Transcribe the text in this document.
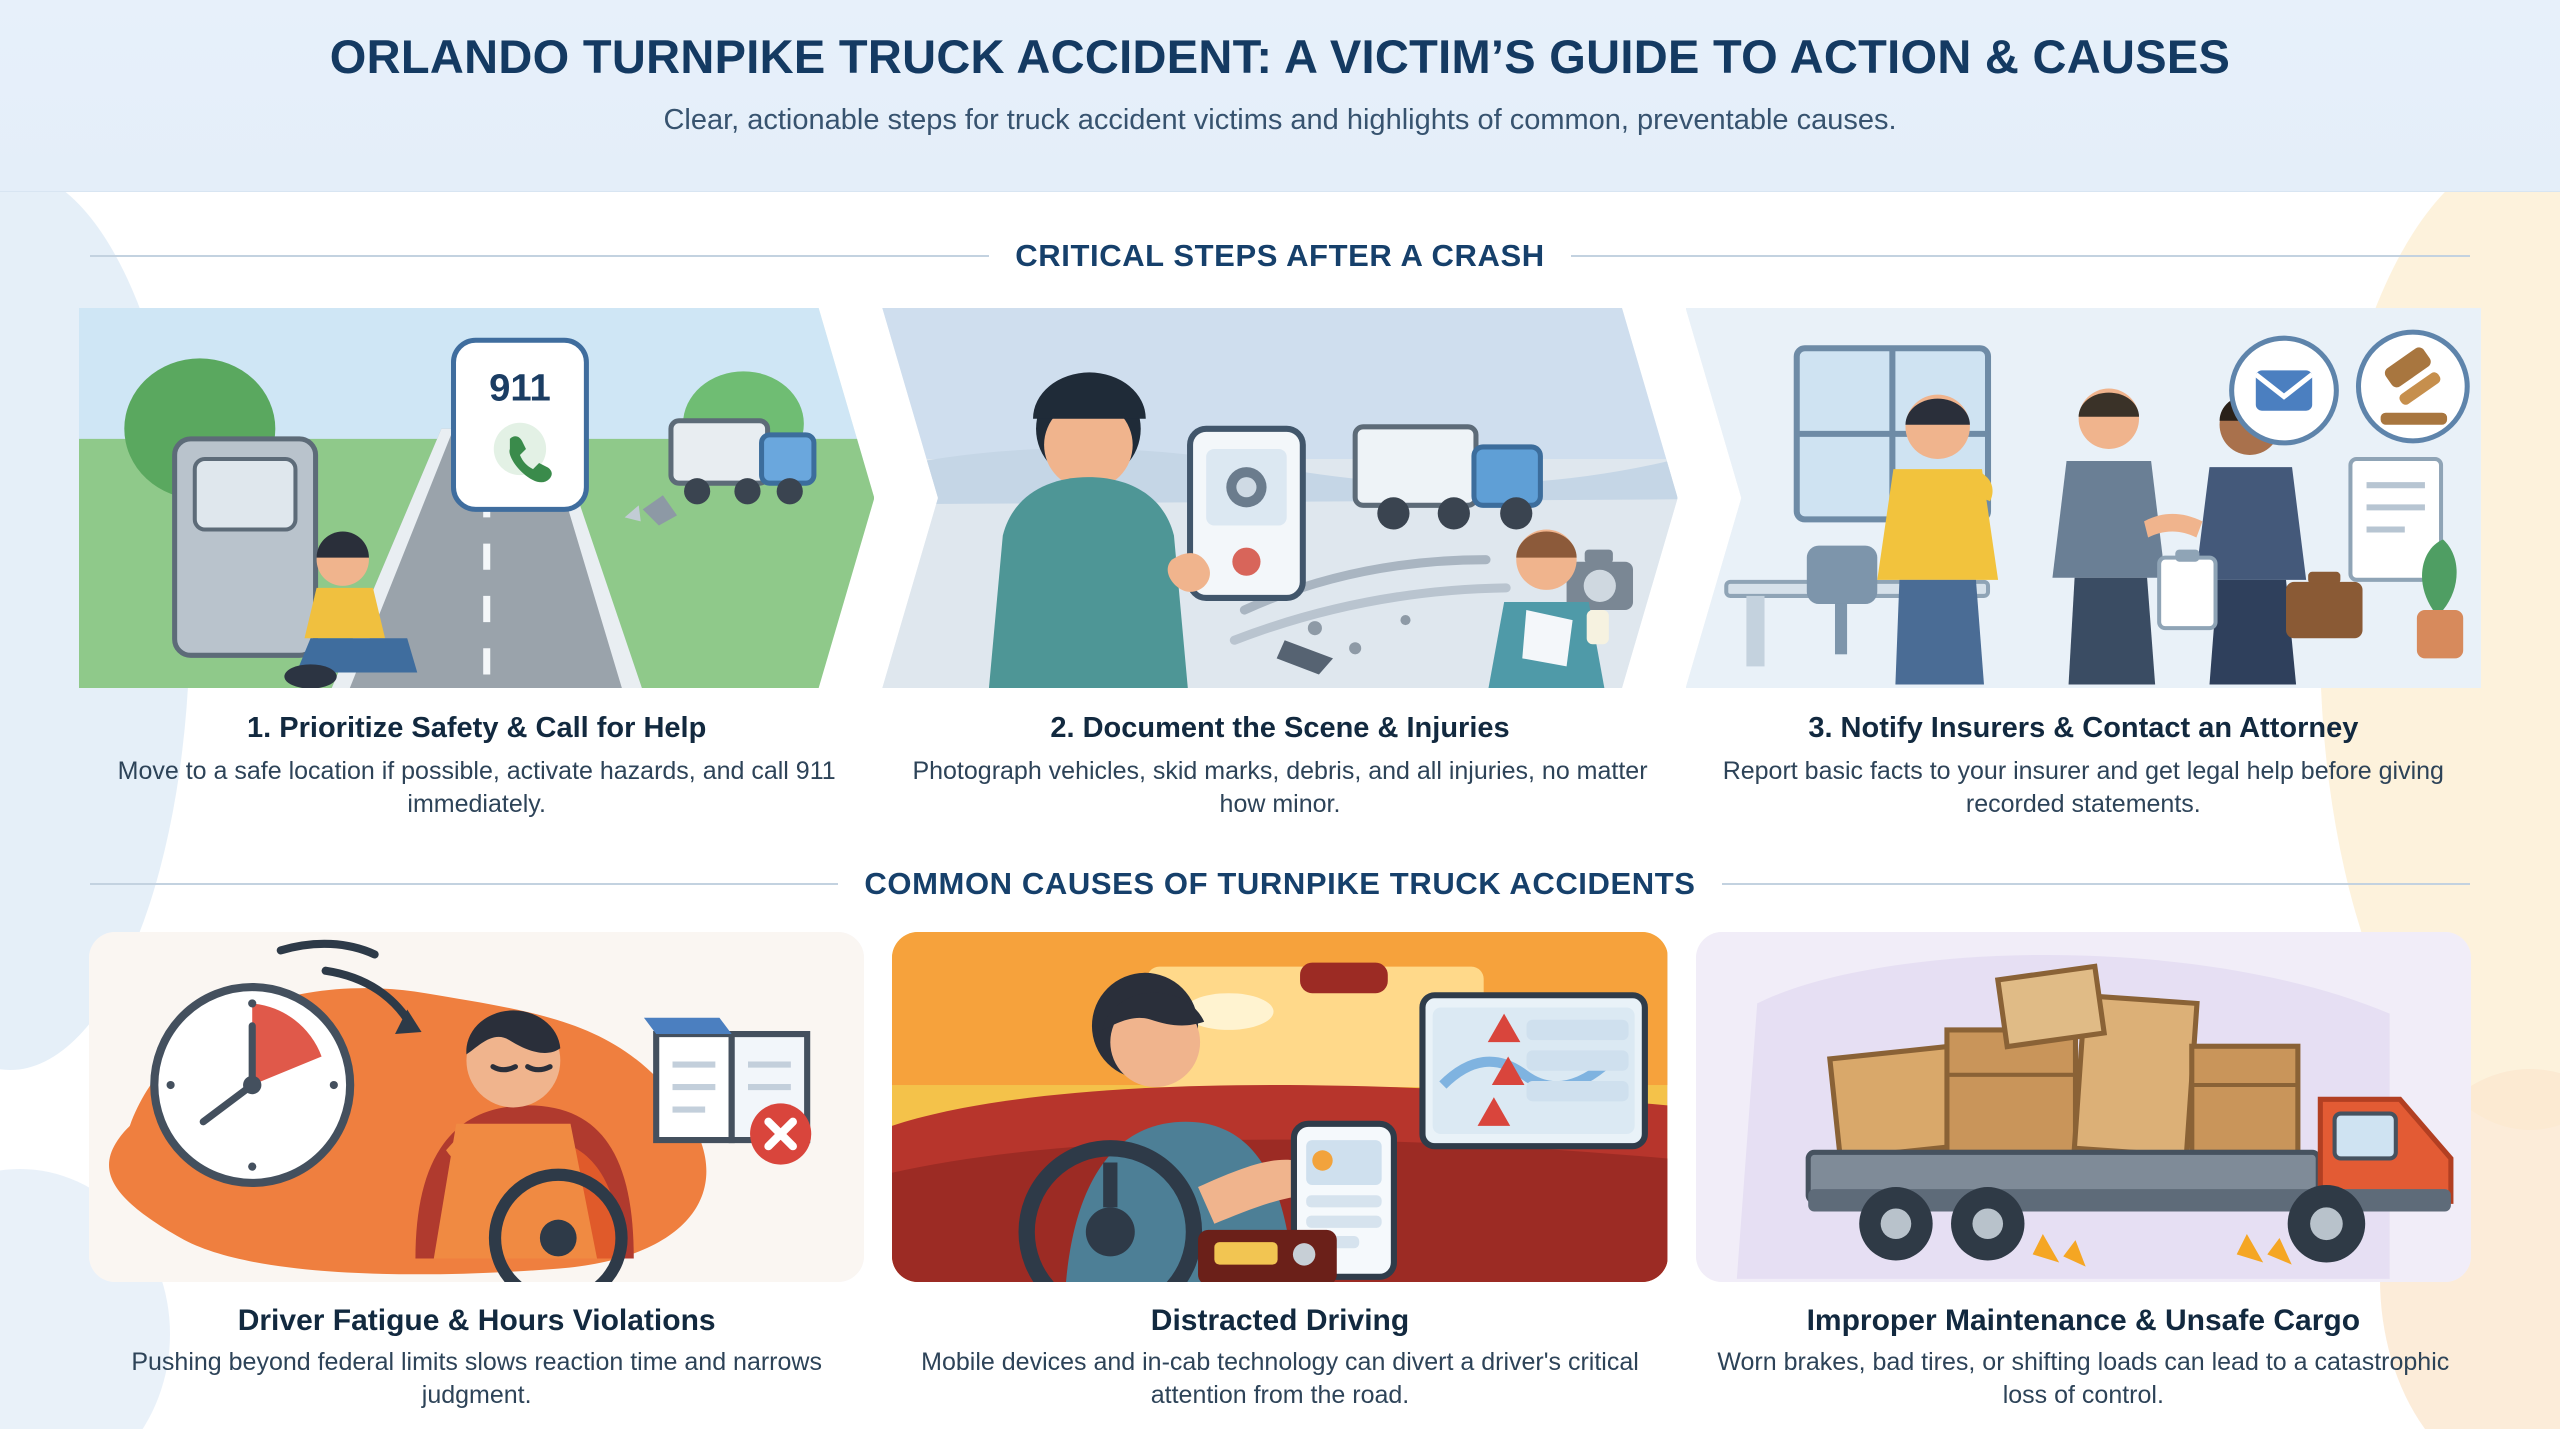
ORLANDO TURNPIKE TRUCK ACCIDENT: A VICTIM’S GUIDE TO ACTION & CAUSES

Clear, actionable steps for truck accident victims and highlights of common, preventable causes.

CRITICAL STEPS AFTER A CRASH
911
1. Prioritize Safety & Call for Help
Move to a safe location if possible, activate hazards, and call 911 immediately.
2. Document the Scene & Injuries
Photograph vehicles, skid marks, debris, and all injuries, no matter how minor.
3. Notify Insurers & Contact an Attorney
Report basic facts to your insurer and get legal help before giving recorded statements.
COMMON CAUSES OF TURNPIKE TRUCK ACCIDENTS
Driver Fatigue & Hours Violations
Pushing beyond federal limits slows reaction time and narrows judgment.
Distracted Driving
Mobile devices and in-cab technology can divert a driver's critical attention from the road.
Improper Maintenance & Unsafe Cargo
Worn brakes, bad tires, or shifting loads can lead to a catastrophic loss of control.
